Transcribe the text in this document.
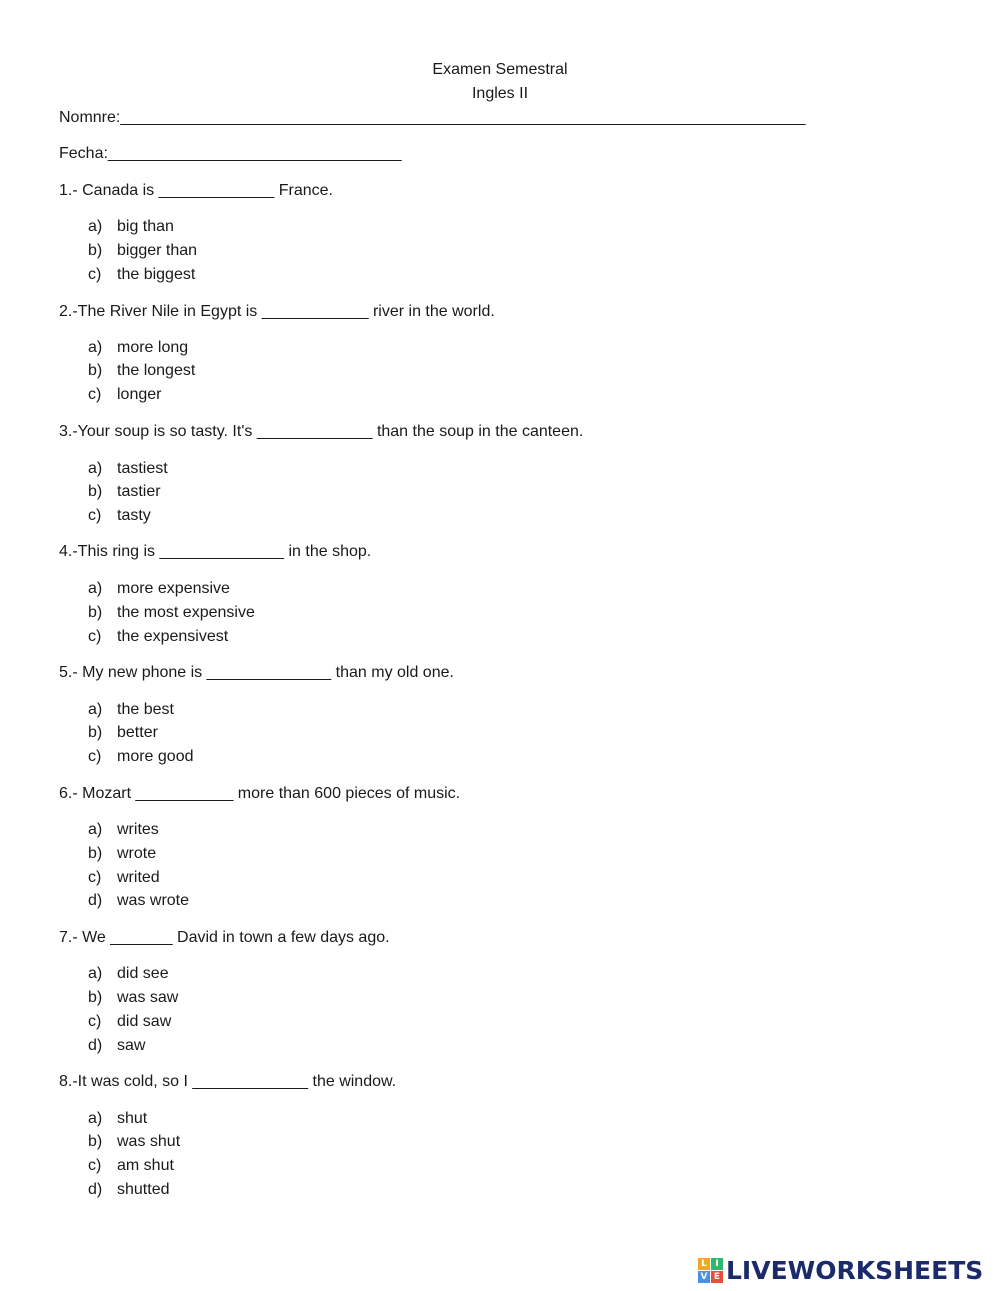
Examen Semestral
Ingles II
Nomnre:_____________________________________________________________________________
Fecha:_________________________________
1.- Canada is _____________ France.
a) big than
b) bigger than
c) the biggest
2.-The River Nile in Egypt is ____________ river in the world.
a) more long
b) the longest
c) longer
3.-Your soup is so tasty. It's _____________ than the soup in the canteen.
a) tastiest
b) tastier
c) tasty
4.-This ring is ______________ in the shop.
a) more expensive
b) the most expensive
c) the expensivest
5.- My new phone is ______________ than my old one.
a) the best
b) better
c) more good
6.- Mozart ___________ more than 600 pieces of music.
a) writes
b) wrote
c) writed
d) was wrote
7.- We _______ David in town a few days ago.
a) did see
b) was saw
c) did saw
d) saw
8.-It was cold, so I _____________ the window.
a) shut
b) was shut
c) am shut
d) shutted
L I
V E LIVEWORKSHEETS
